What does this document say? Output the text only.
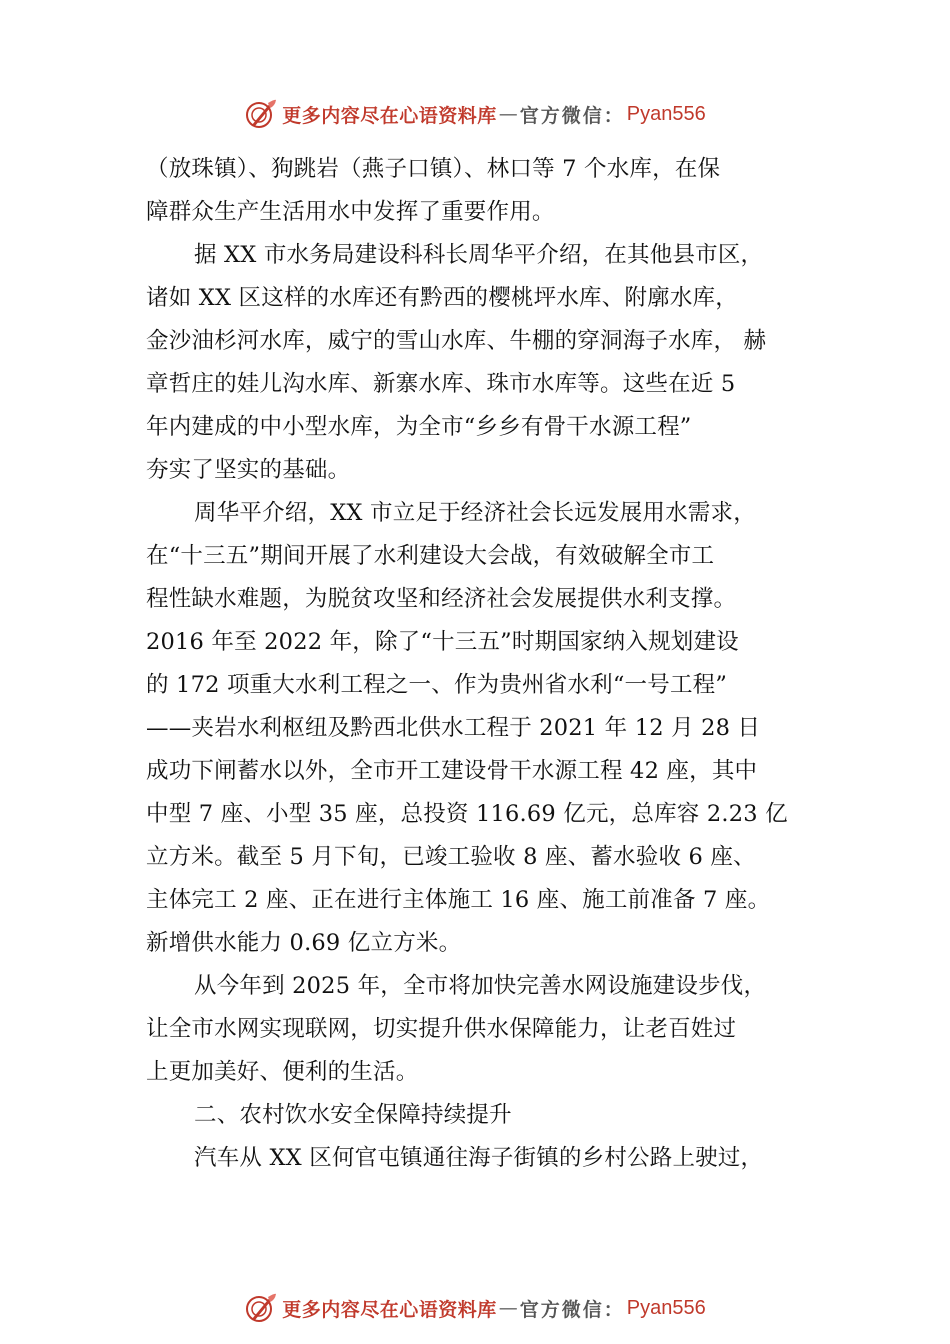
更多内容尽在心语资料库 — 官方微信： Pyan556
（放珠镇）、狗跳岩（燕子口镇）、林口等 7 个水库，在保
障群众生产生活用水中发挥了重要作用。
据 XX 市水务局建设科科长周华平介绍，在其他县市区，
诸如 XX 区这样的水库还有黔西的樱桃坪水库、附廓水库，
金沙油杉河水库，威宁的雪山水库、牛棚的穿洞海子水库， 赫
章哲庄的娃儿沟水库、新寨水库、珠市水库等。这些在近 5
年内建成的中小型水库，为全市“乡乡有骨干水源工程”
夯实了坚实的基础。
周华平介绍，XX 市立足于经济社会长远发展用水需求，
在“十三五”期间开展了水利建设大会战，有效破解全市工
程性缺水难题，为脱贫攻坚和经济社会发展提供水利支撑。
2016 年至 2022 年，除了“十三五”时期国家纳入规划建设
的 172 项重大水利工程之一、作为贵州省水利“一号工程”
——夹岩水利枢纽及黔西北供水工程于 2021 年 12 月 28 日
成功下闸蓄水以外，全市开工建设骨干水源工程 42 座，其中
中型 7 座、小型 35 座，总投资 116.69 亿元，总库容 2.23 亿
立方米。截至 5 月下旬，已竣工验收 8 座、蓄水验收 6 座、
主体完工 2 座、正在进行主体施工 16 座、施工前准备 7 座。
新增供水能力 0.69 亿立方米。
从今年到 2025 年，全市将加快完善水网设施建设步伐，
让全市水网实现联网，切实提升供水保障能力，让老百姓过
上更加美好、便利的生活。
二、农村饮水安全保障持续提升
汽车从 XX 区何官屯镇通往海子街镇的乡村公路上驶过，
更多内容尽在心语资料库 — 官方微信： Pyan556
